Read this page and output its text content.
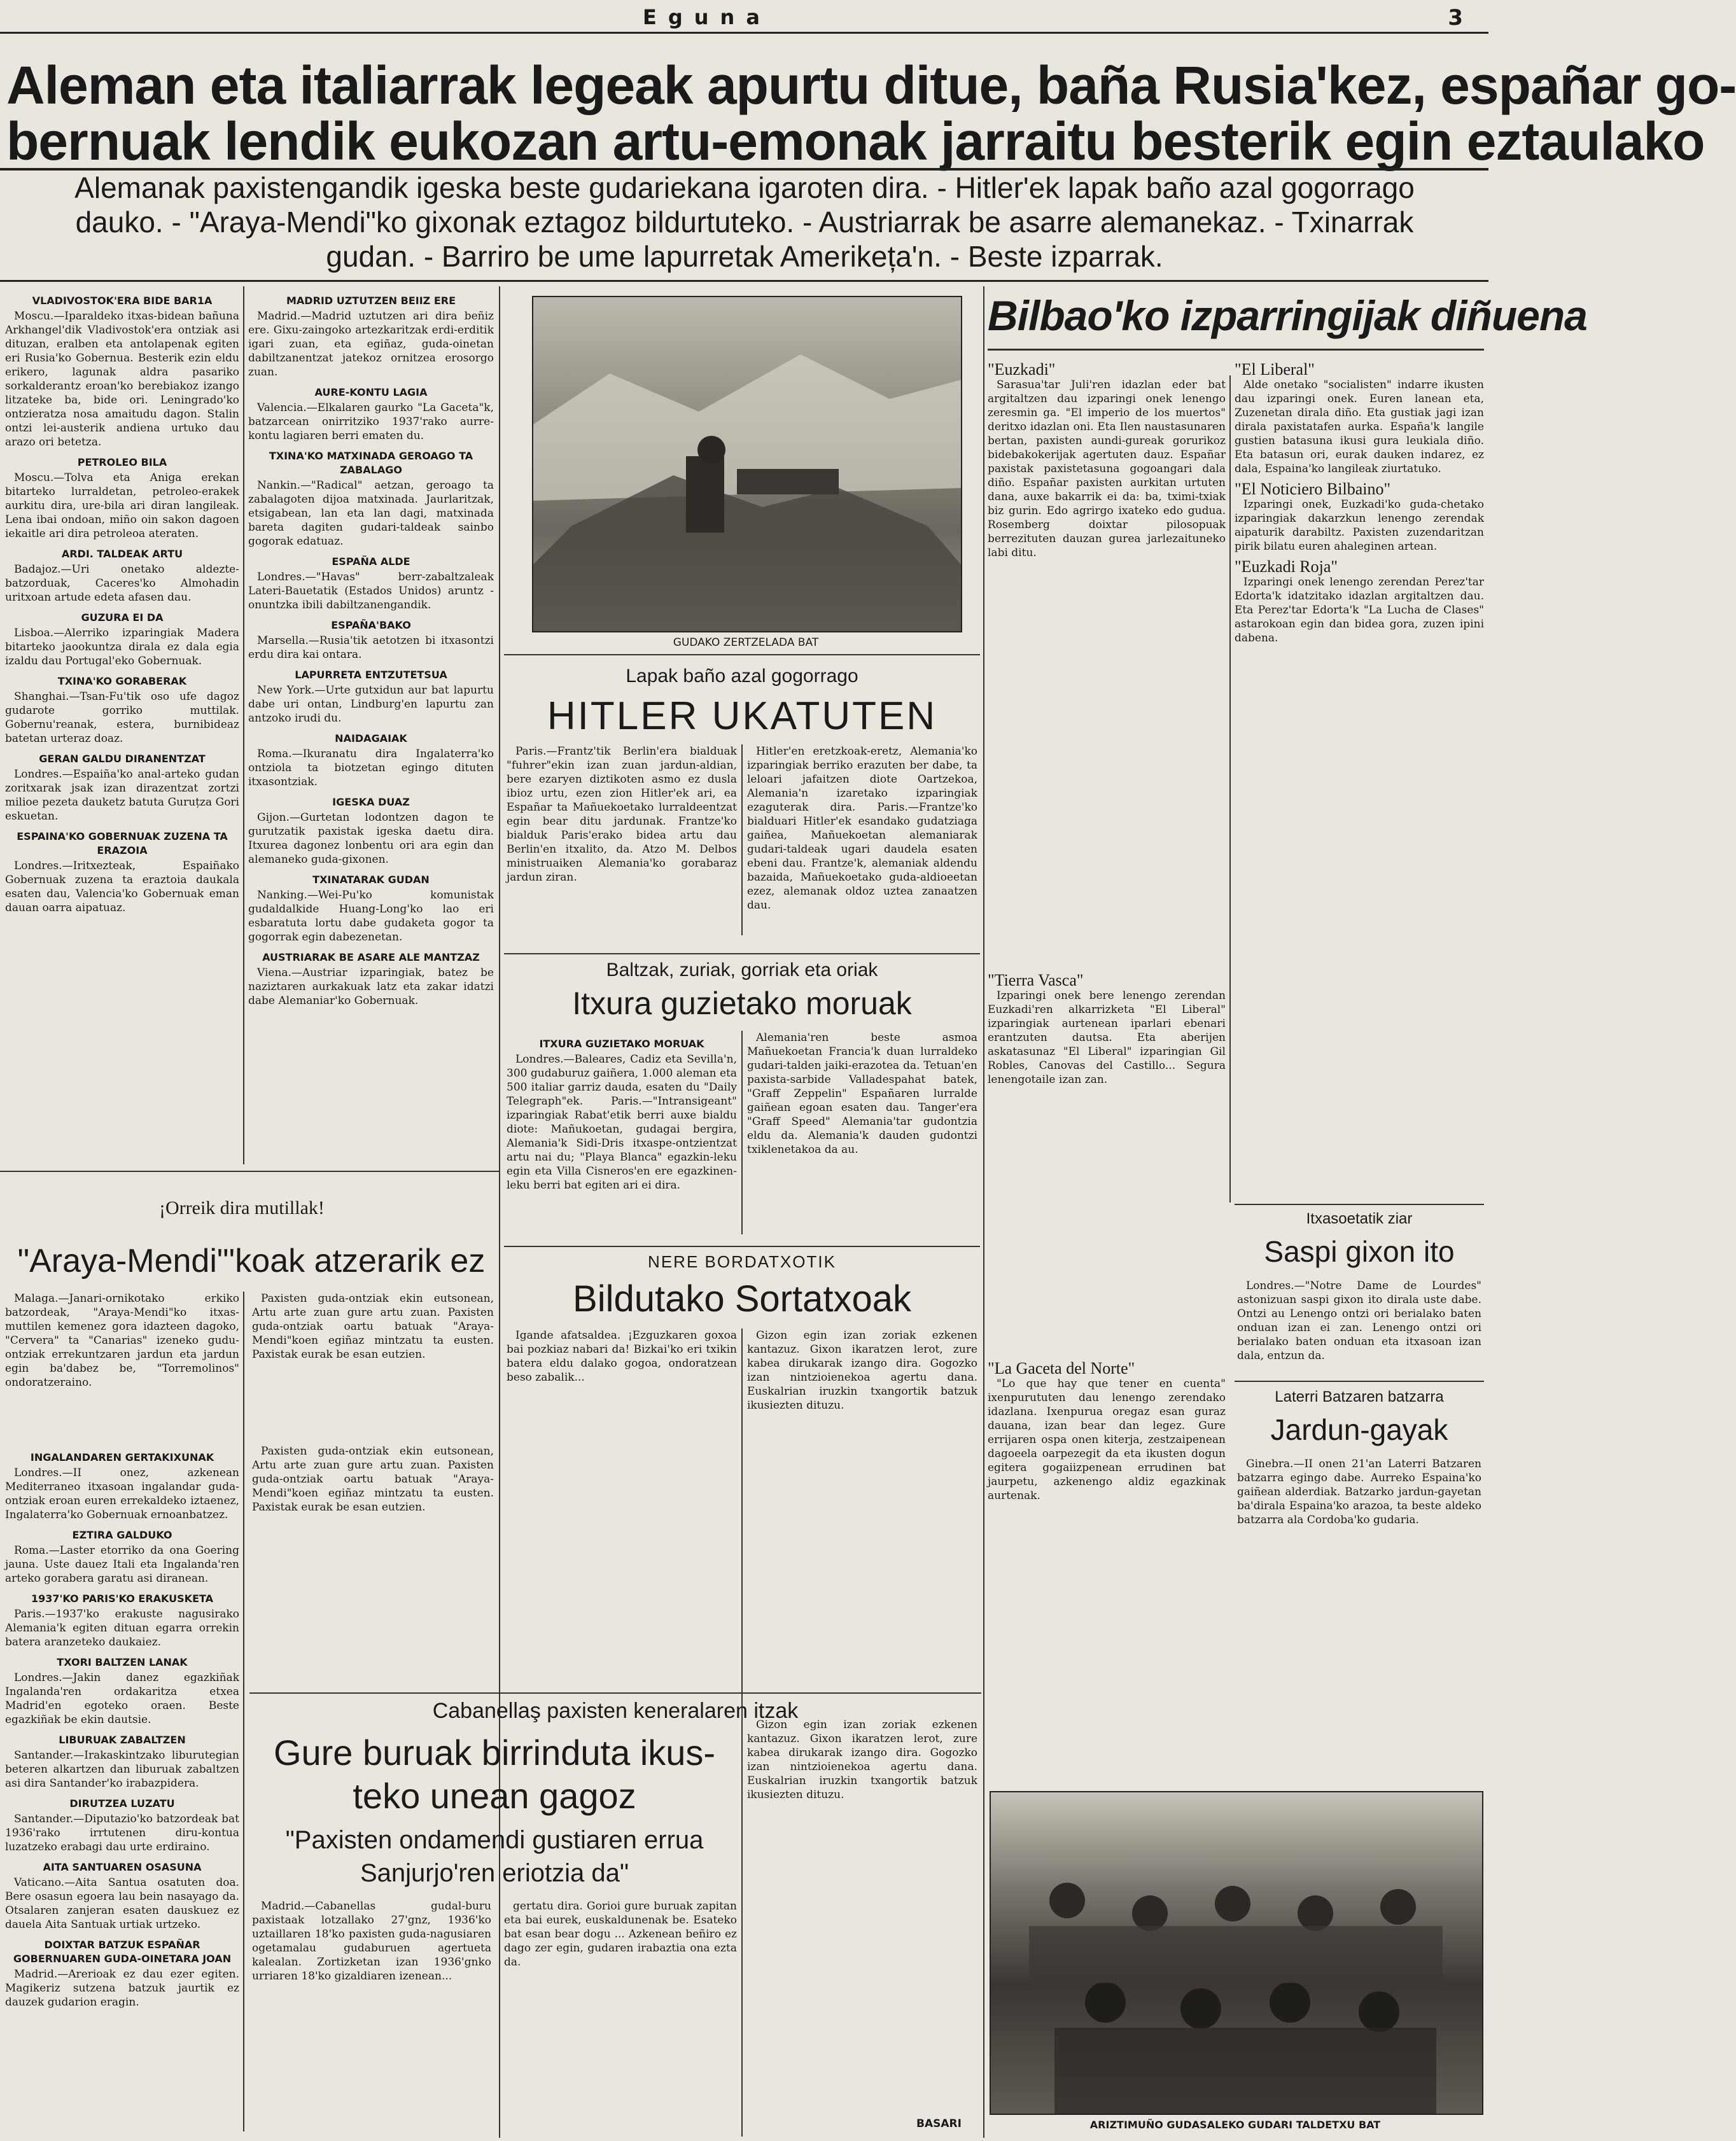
Eguna	3
Aleman eta italiarrak legeak apurtu ditue, baña Rusia'kez, españar go-
bernuak lendik eukozan artu-emonak jarraitu besterik egin eztaulako
Alemanak paxistengandik igeska beste gudariekana igaroten dira. - Hitler'ek lapak baño azal gogorrago
dauko. - "Araya-Mendi"ko gixonak eztagoz bildurtuteko. - Austriarrak be asarre alemanekaz. - Txinarrak
gudan. - Barriro be ume lapurretak Amerikeța'n. - Beste izparrak.
VLADIVOSTOK'ERA BIDE BAR1A

Moscu.—Iparaldeko itxas-bidean bañuna Arkhangel'dik Vladivostok'era ontziak asi dituzan, eralben eta antolapenak egiten eri Rusia'ko Gobernua. Besterik ezin eldu erikero, lagunak aldra pasariko sorkalderantz eroan'ko berebiakoz izango litzateke ba, bide ori. Leningrado'ko ontzieratza nosa amaitudu dagon. Stalin ontzi lei-austerik andiena urtuko dau arazo ori betetza.

PETROLEO BILA

Moscu.—Tolva eta Aniga erekan bitarteko lurraldetan, petroleo-erakek aurkitu dira, ure-bila ari diran langileak. Lena ibai ondoan, miño oin sakon dagoen iekaitle ari dira petroleoa ateraten.

ARDI. TALDEAK ARTU

Badajoz.—Uri onetako aldezte-batzorduak, Caceres'ko Almohadin uritxoan artude edeta afasen dau.

GUZURA EI DA

Lisboa.—Alerriko izparingiak Madera bitarteko jaookuntza dirala ez dala egia izaldu dau Portugal'eko Gobernuak.

TXINA'KO GORABERAK

Shanghai.—Tsan-Fu'tik oso ufe dagoz gudarote gorriko muttilak. Gobernu'reanak, estera, burnibideaz batetan urteraz doaz.

GERAN GALDU DIRANENTZAT

Londres.—Espaiña'ko anal-arteko gudan zoritxarak jsak izan dirazentzat zortzi milioe pezeta dauketz batuta Guruțza Gori eskuetan.

ESPAINA'KO GOBERNUAK ZUZENA TA ERAZOIA

Londres.—Iritxezteak, Espaiñako Gobernuak zuzena ta eraztoia daukala esaten dau, Valencia'ko Gobernuak eman dauan oarra aipatuaz.

MADRID UZTUTZEN BEIIZ ERE

Madrid.—Madrid uztutzen ari dira beñiz ere. Gixu-zaingoko artezkaritzak erdi-erditik igari zuan, eta egiñaz, guda-oinetan dabiltzanentzat jatekoz ornitzea erosorgo zuan.

AURE-KONTU LAGIA

Valencia.—Elkalaren gaurko "La Gaceta"k, batzarcean onirritziko 1937'rako aurre-kontu lagiaren berri ematen du.

TXINA'KO MATXINADA GEROAGO TA ZABALAGO

Nankin.—"Radical" aetzan, geroago ta zabalagoten dijoa matxinada. Jaurlaritzak, etsigabean, lan eta lan dagi, matxinada bareta dagiten gudari-taldeak sainbo gogorak edatuaz.

ESPAÑA ALDE

Londres.—"Havas" berr-zabaltzaleak Lateri-Bauetatik (Estados Unidos) aruntz -onuntzka ibili dabiltzanengandik.

ESPAÑA'BAKO

Marsella.—Rusia'tik aetotzen bi itxasontzi erdu dira kai ontara.

LAPURRETA ENTZUTETSUA

New York.—Urte gutxidun aur bat lapurtu dabe uri ontan, Lindburg'en lapurtu zan antzoko irudi du.

NAIDAGAIAK

Roma.—Ikuranatu dira Ingalaterra'ko ontziola ta biotzetan egingo dituten itxasontziak.

IGESKA DUAZ

Gijon.—Gurtetan lodontzen dagon te gurutzatik paxistak igeska daetu dira. Itxurea dagonez lonbentu ori ara egin dan alemaneko guda-gixonen.

TXINATARAK GUDAN

Nanking.—Wei-Pu'ko komunistak gudaldalkide Huang-Long'ko lao eri esbaratuta lortu dabe gudaketa gogor ta gogorrak egin dabezenetan.

AUSTRIARAK BE ASARE ALE MANTZAZ

Viena.—Austriar izparingiak, batez be naziztaren aurkakuak latz eta zakar idatzi dabe Alemaniar'ko Gobernuak.

¡Orreik dira mutillak!
"Araya-Mendi"'koak atzerarik ez

Malaga.—Janari-ornikotako erkiko batzordeak, "Araya-Mendi"ko itxas-muttilen kemenez gora idazteen dagoko, "Cervera" ta "Canarias" izeneko gudu-ontziak errekuntzaren jardun eta jardun egin ba'dabez be, "Torremolinos" ondoratzeraino.

Paxisten guda-ontziak ekin eutsonean, Artu arte zuan gure artu zuan. Paxisten guda-ontziak oartu batuak "Araya-Mendi"koen egiñaz mintzatu ta eusten. Paxistak eurak be esan eutzien.

INGALANDAREN GERTAKIXUNAK

Londres.—II onez, azkenean Mediterraneo itxasoan ingalandar guda-ontziak eroan euren errekaldeko iztaenez, Ingalaterra'ko Gobernuak ernoanbatzez.

EZTIRA GALDUKO

Roma.—Laster etorriko da ona Goering jauna. Uste dauez Itali eta Ingalanda'ren arteko gorabera garatu asi diranean.

1937'KO PARIS'KO ERAKUSKETA

Paris.—1937'ko erakuste nagusirako Alemania'k egiten dituan egarra orrekin batera aranzeteko daukaiez.

TXORI BALTZEN LANAK

Londres.—Jakin danez egazkiñak Ingalanda'ren ordakaritza etxea Madrid'en egoteko oraen. Beste egazkiñak be ekin dautsie.

LIBURUAK ZABALTZEN

Santander.—Irakaskintzako liburutegian beteren alkartzen dan liburuak zabaltzen asi dira Santander'ko irabazpidera.

DIRUTZEA LUZATU

Santander.—Diputazio'ko batzordeak bat 1936'rako irrtutenen diru-kontua luzatzeko erabagi dau urte erdiraino.

AITA SANTUAREN OSASUNA

Vaticano.—Aita Santua osatuten doa. Bere osasun egoera lau bein nasayago da. Otsalaren zanjeran esaten dauskuez ez dauela Aita Santuak urtiak urtzeko.

DOIXTAR BATZUK ESPAÑAR GOBERNUAREN GUDA-OINETARA JOAN

Madrid.—Arerioak ez dau ezer egiten. Magikeriz sutzena batzuk jaurtik ez dauzek gudarion eragin.

Paxisten guda-ontziak ekin eutsonean, Artu arte zuan gure artu zuan. Paxisten guda-ontziak oartu batuak "Araya-Mendi"koen egiñaz mintzatu ta eusten. Paxistak eurak be esan eutzien.

GUDAKO ZERTZELADA BAT
Lapak baño azal gogorrago
HITLER UKATUTEN

Paris.—Frantz'tik Berlin'era bialduak "fuhrer"ekin izan zuan jardun-aldian, bere ezaryen diztikoten asmo ez dusla ibioz urtu, ezen zion Hitler'ek ari, ea Españar ta Mañuekoetako lurraldeentzat egin bear ditu jardunak. Frantze'ko bialduk Paris'erako bidea artu dau Berlin'en itxalito, da. Atzo M. Delbos ministruaiken Alemania'ko gorabaraz jardun ziran.

Hitler'en eretzkoak-eretz, Alemania'ko izparingiak berriko erazuten ber dabe, ta leloari jafaitzen diote Oartzekoa, Alemania'n izaretako izparingiak ezaguterak dira. Paris.—Frantze'ko bialduari Hitler'ek esandako gudatziaga gaiñea, Mañuekoetan alemaniarak gudari-taldeak ugari daudela esaten ebeni dau. Frantze'k, alemaniak aldendu bazaida, Mañuekoetako guda-aldioeetan ezez, alemanak oldoz uztea zanaatzen dau.

Baltzak, zuriak, gorriak eta oriak
Itxura guzietako moruak
ITXURA GUZIETAKO MORUAK

Londres.—Baleares, Cadiz eta Sevilla'n, 300 gudaburuz gaiñera, 1.000 aleman eta 500 italiar garriz dauda, esaten du "Daily Telegraph"ek. Paris.—"Intransigeant" izparingiak Rabat'etik berri auxe bialdu diote: Mañukoetan, gudagai bergira, Alemania'k Sidi-Dris itxaspe-ontzientzat artu nai du; "Playa Blanca" egazkin-leku egin eta Villa Cisneros'en ere egazkinen-leku berri bat egiten ari ei dira.

Alemania'ren beste asmoa Mañuekoetan Francia'k duan lurraldeko gudari-talden jaiki-erazotea da. Tetuan'en paxista-sarbide Valladespahat batek, "Graff Zeppelin" Españaren lurralde gaiñean egoan esaten dau. Tanger'era "Graff Speed" Alemania'tar gudontzia eldu da. Alemania'k dauden gudontzi txiklenetakoa da au.

NERE BORDATXOTIK
Bildutako Sortatxoak

Igande afatsaldea. ¡Ezguzkaren goxoa bai pozkiaz nabari da! Bizkai'ko eri txikin batera eldu dalako gogoa, ondoratzean beso zabalik...

Gizon egin izan zoriak ezkenen kantazuz. Gixon ikaratzen lerot, zure kabea dirukarak izango dira. Gogozko izan nintzioienekoa agertu dana. Euskalrian iruzkin txangortik batzuk ikusiezten dituzu.

Cabanellaş paxisten keneralaren itzak
Gure buruak birrinduta ikus-
teko unean gagoz
"Paxisten ondamendi gustiaren errua
Sanjurjo'ren eriotzia da"

Madrid.—Cabanellas gudal-buru paxistaak lotzallako 27'gnz, 1936'ko uztaillaren 18'ko paxisten guda-nagusiaren ogetamalau gudaburuen agertueta kalealan. Zortizketan izan 1936'gnko urriaren 18'ko gizaldiaren izenean...

gertatu dira. Gorioi gure buruak zapitan eta bai eurek, euskaldunenak be. Esateko bat esan bear dogu ... Azkenean beñiro ez dago zer egin, gudaren irabaztia ona ezta da.

Gizon egin izan zoriak ezkenen kantazuz. Gixon ikaratzen lerot, zure kabea dirukarak izango dira. Gogozko izan nintzioienekoa agertu dana. Euskalrian iruzkin txangortik batzuk ikusiezten dituzu.

BASARI
Bilbao'ko izparringijak diñuena
"Euzkadi"

Sarasua'tar Juli'ren idazlan eder bat argitaltzen dau izparingi onek lenengo zeresmin ga. "El imperio de los muertos" deritxo idazlan oni. Eta Ilen naustasunaren bertan, paxisten aundi-gureak gorurikoz bidebakokerijak agertuten dauz. Españar paxistak paxistetasuna gogoangari dala diño. Españar paxisten aurkitan urtuten dana, auxe bakarrik ei da: ba, tximi-txiak biz gurin. Edo agrirgo ixateko edo gudua. Rosemberg doixtar pilosopuak berrezituten dauzan gurea jarlezaituneko labi ditu.

"La Gaceta del Norte"

"Lo que hay que tener en cuenta" ixenpurututen dau lenengo zerendako idazlana. Ixenpurua oregaz esan guraz dauana, izan bear dan legez. Gure errijaren ospa onen kiterja, zestzaipenean dagoeela oarpezegit da eta ikusten dogun egitera gogaiizpenean errudinen bat jaurpetu, azkenengo aldiz egazkinak aurtenak.

"El Liberal"

Alde onetako "socialisten" indarre ikusten dau izparingi onek. Euren lanean eta, Zuzenetan dirala diño. Eta gustiak jagi izan dirala paxistatafen aurka. España'k langile gustien batasuna ikusi gura leukiala diño. Eta batasun ori, eurak dauken indarez, ez dala, Espaina'ko langileak ziurtatuko.

"El Noticiero Bilbaino"

Izparingi onek, Euzkadi'ko guda-chetako izparingiak dakarzkun lenengo zerendak aipaturik darabiltz. Paxisten zuzendaritzan pirik bilatu euren ahaleginen artean.

"Euzkadi Roja"

Izparingi onek lenengo zerendan Perez'tar Edorta'k idatzitako idazlan argitaltzen dau. Eta Perez'tar Edorta'k "La Lucha de Clases" astarokoan egin dan bidea gora, zuzen ipini dabena.

"Tierra Vasca"

Izparingi onek bere lenengo zerendan Euzkadi'ren alkarrizketa "El Liberal" izparingiak aurtenean iparlari ebenari erantzuten dautsa. Eta aberijen askatasunaz "El Liberal" izparingian Gil Robles, Canovas del Castillo... Segura lenengotaile izan zan.

Itxasoetatik ziar
Saspi gixon ito

Londres.—"Notre Dame de Lourdes" astonizuan saspi gixon ito dirala uste dabe. Ontzi au Lenengo ontzi ori berialako baten onduan izan ei zan. Lenengo ontzi ori berialako baten onduan eta itxasoan izan dala, entzun da.

Laterri Batzaren batzarra
Jardun-gayak

Ginebra.—II onen 21'an Laterri Batzaren batzarra egingo dabe. Aurreko Espaina'ko gaiñean alderdiak. Batzarko jardun-gayetan ba'dirala Espaina'ko arazoa, ta beste aldeko batzarra ala Cordoba'ko gudaria.

ARIZTIMUÑO GUDASALEKO GUDARI TALDETXU BAT
